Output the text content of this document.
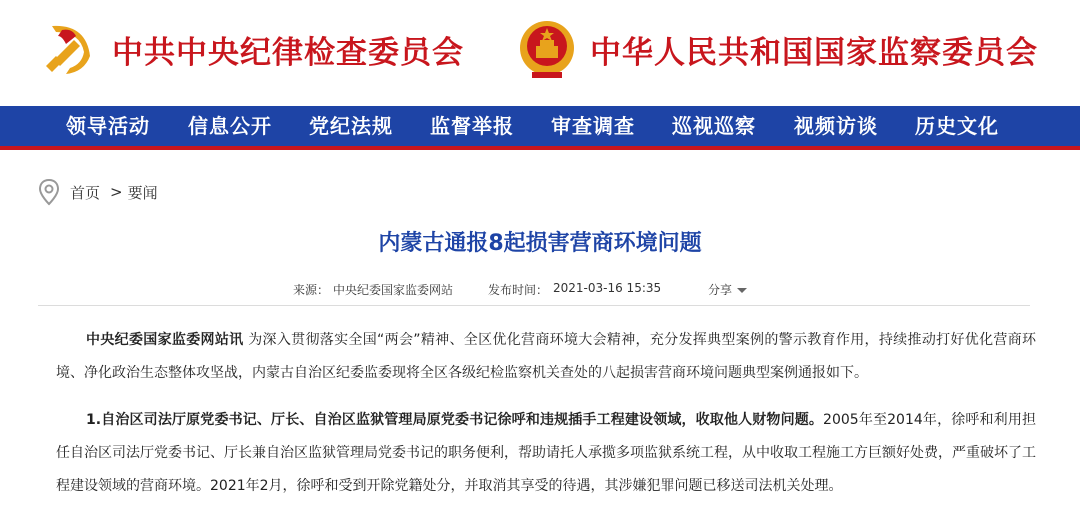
中共中央纪律检查委员会	中华人民共和国国家监察委员会
领导活动 信息公开 党纪法规 监督举报 审查调查 巡视巡察 视频访谈 历史文化
首页 > 要闻
内蒙古通报8起损害营商环境问题
来源： 中央纪委国家监委网站	发布时间： 2021-03-16 15:35	分享

中央纪委国家监委网站讯 为深入贯彻落实全国“两会”精神、全区优化营商环境大会精神，充分发挥典型案例的警示教育作用，持续推动打好优化营商环境、净化政治生态整体攻坚战，内蒙古自治区纪委监委现将全区各级纪检监察机关查处的八起损害营商环境问题典型案例通报如下。

1.自治区司法厅原党委书记、厅长、自治区监狱管理局原党委书记徐呼和违规插手工程建设领域，收取他人财物问题。2005年至2014年，徐呼和利用担任自治区司法厅党委书记、厅长兼自治区监狱管理局党委书记的职务便利，帮助请托人承揽多项监狱系统工程，从中收取工程施工方巨额好处费，严重破坏了工程建设领域的营商环境。2021年2月，徐呼和受到开除党籍处分，并取消其享受的待遇，其涉嫌犯罪问题已移送司法机关处理。
